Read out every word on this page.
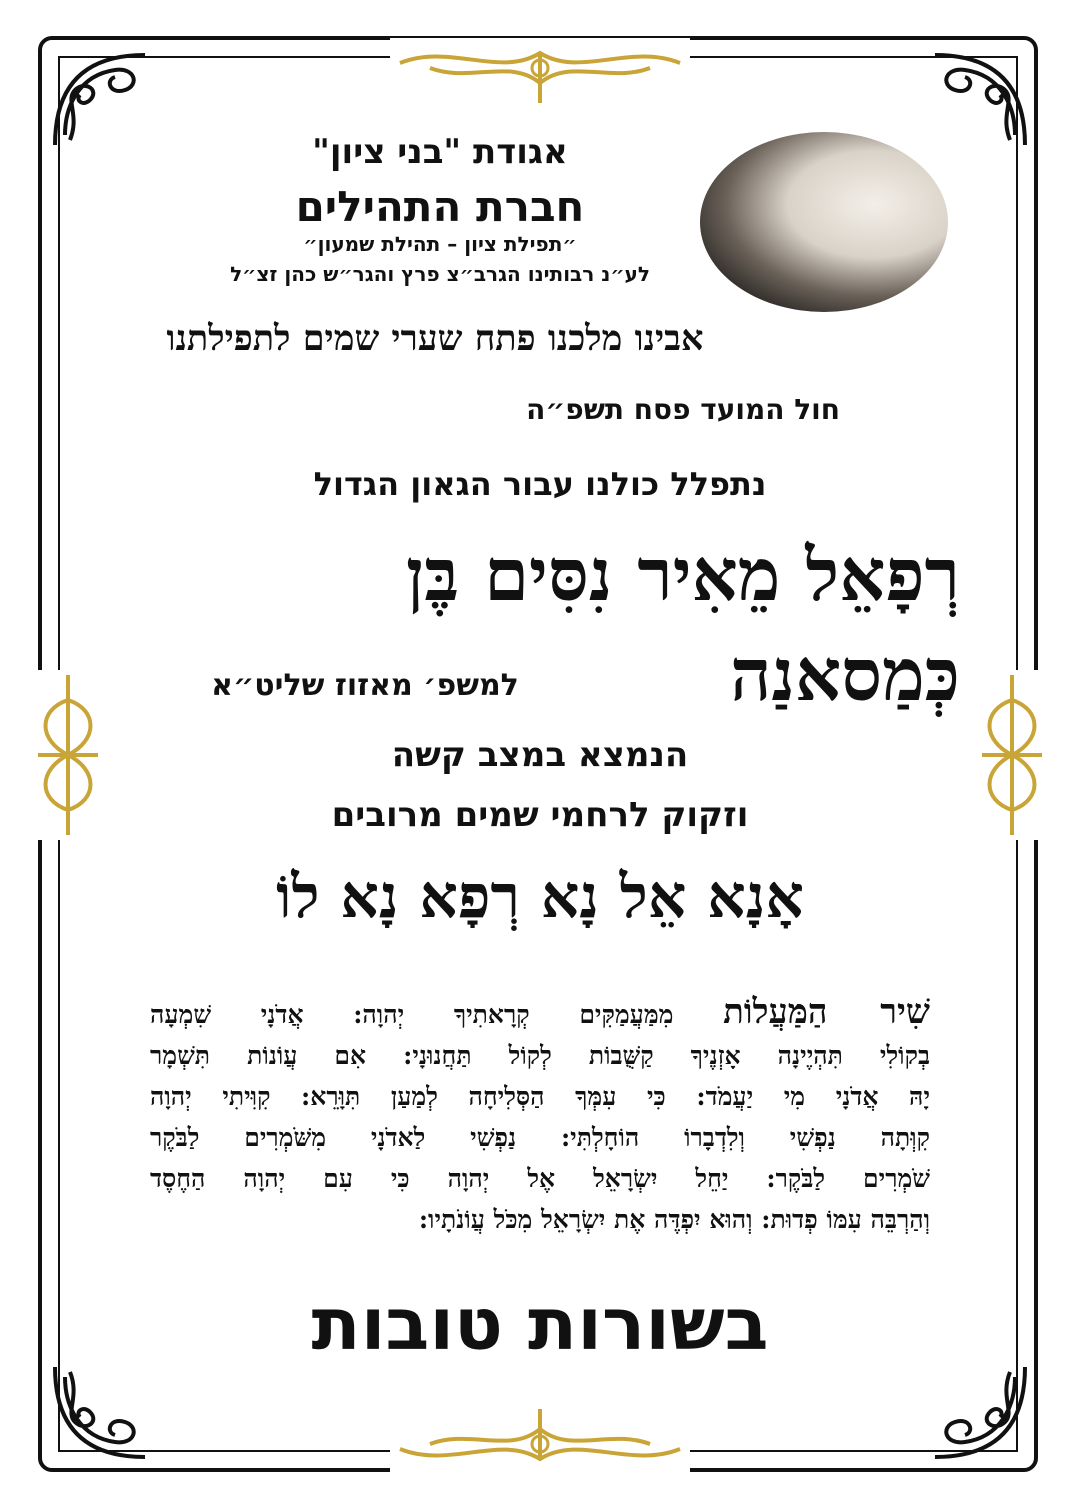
אגודת "בני ציון"
חברת התהילים
״תפילת ציון – תהילת שמעון״
לע״נ רבותינו הגרב״צ פרץ והגר״ש כהן זצ״ל
אבינו מלכנו פתח שערי שמים לתפילתנו
חול המועד פסח תשפ״ה
נתפלל כולנו עבור הגאון הגדול
רְפָאֵל מֵאִיר נִסִּים בֶּן
כְּמַסאנַה
למשפ׳ מאזוז שליט״א
הנמצא במצב קשה
וזקוק לרחמי שמים מרובים
אָנָא אֵל נָא רְפָא נָא לוֹ
שִׁיר הַמַּעֲלוֹת מִמַּעֲמַקִּים קְרָאתִיךָ יְהוָה: אֲדֹנָי שִׁמְעָה
בְקוֹלִי תִּהְיֶינָה אָזְנֶיךָ קַשֻּׁבוֹת לְקוֹל תַּחֲנוּנָי: אִם עֲוֹנוֹת תִּשְׁמָר
יָהּ אֲדֹנָי מִי יַעֲמֹד: כִּי עִמְּךָ הַסְּלִיחָה לְמַעַן תִּוָּרֵא: קִוִּיתִי יְהוָה
קִוְּתָה נַפְשִׁי וְלִדְבָרוֹ הוֹחָלְתִּי: נַפְשִׁי לַאדֹנָי מִשֹּׁמְרִים לַבֹּקֶר
שֹׁמְרִים לַבֹּקֶר: יַחֵל יִשְׂרָאֵל אֶל יְהוָה כִּי עִם יְהוָה הַחֶסֶד
וְהַרְבֵּה עִמּוֹ פְדוּת: וְהוּא יִפְדֶּה אֶת יִשְׂרָאֵל מִכֹּל עֲוֹנֹתָיו:
בשורות טובות
